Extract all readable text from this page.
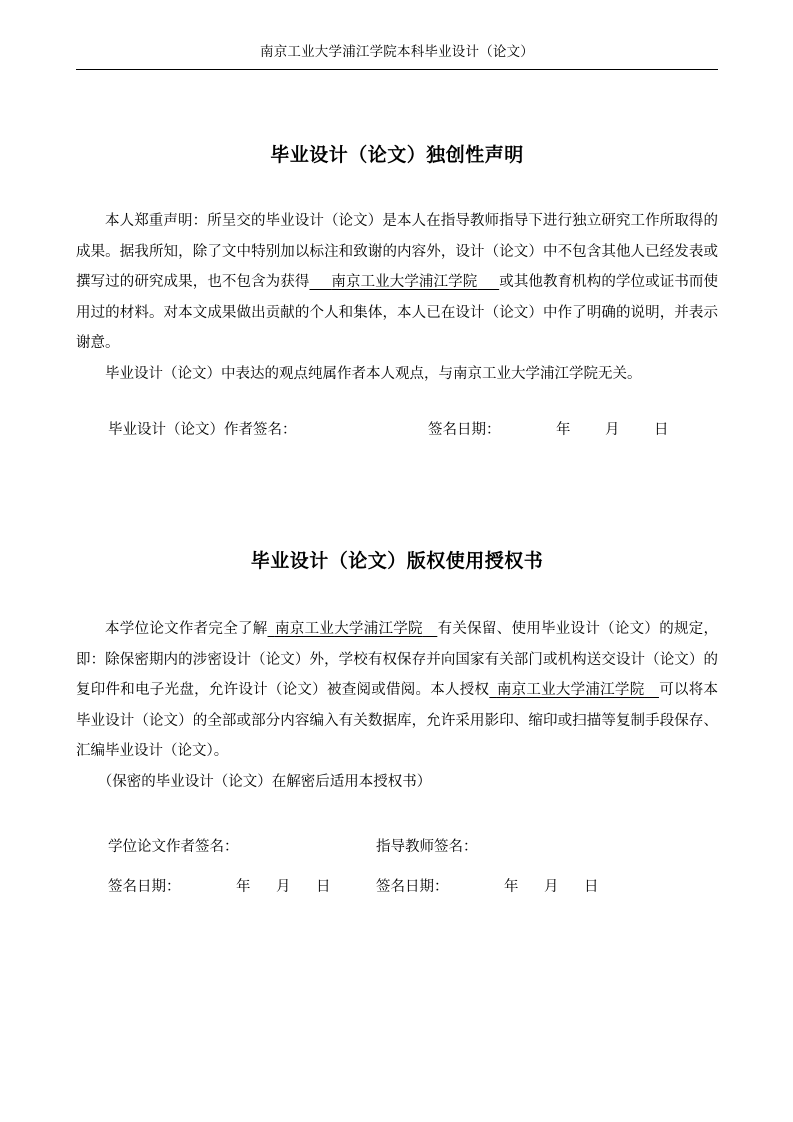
南京工业大学浦江学院本科毕业设计（论文）
毕业设计（论文）独创性声明

本人郑重声明：所呈交的毕业设计（论文）是本人在指导教师指导下进行独立研究工作所取得的成果。据我所知，除了文中特别加以标注和致谢的内容外，设计（论文）中不包含其他人已经发表或撰写过的研究成果，也不包含为获得　  南京工业大学浦江学院　  或其他教育机构的学位或证书而使用过的材料。对本文成果做出贡献的个人和集体，本人已在设计（论文）中作了明确的说明，并表示谢意。

毕业设计（论文）中表达的观点纯属作者本人观点，与南京工业大学浦江学院无关。

毕业设计（论文）作者签名：	签名日期：	年 月 日
毕业设计（论文）版权使用授权书

本学位论文作者完全了解  南京工业大学浦江学院   有关保留、使用毕业设计（论文）的规定，即：除保密期内的涉密设计（论文）外，学校有权保存并向国家有关部门或机构送交设计（论文）的复印件和电子光盘，允许设计（论文）被查阅或借阅。本人授权  南京工业大学浦江学院   可以将本毕业设计（论文）的全部或部分内容编入有关数据库，允许采用影印、缩印或扫描等复制手段保存、汇编毕业设计（论文）。

（保密的毕业设计（论文）在解密后适用本授权书）

学位论文作者签名：	指导教师签名：
签名日期：	年 月 日	签名日期：	年 月 日
